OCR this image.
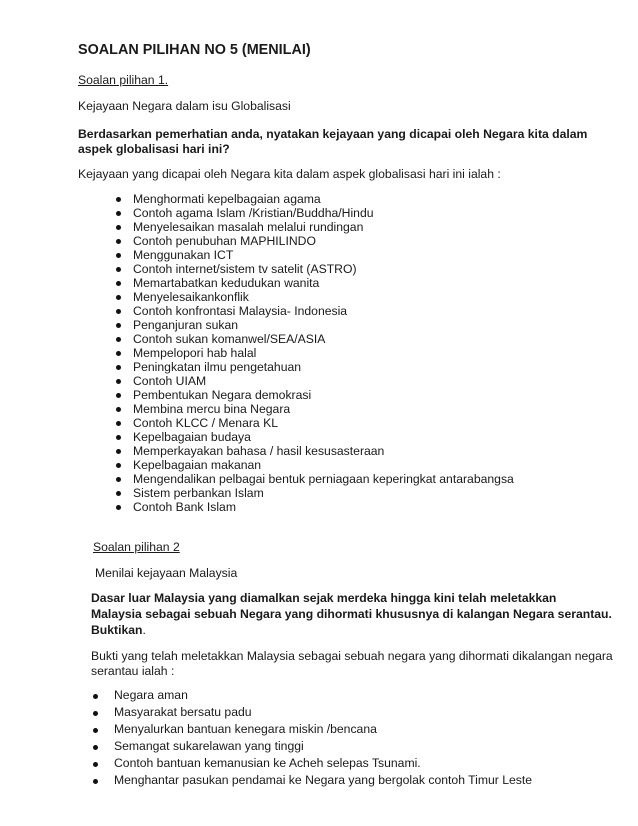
SOALAN PILIHAN NO 5 (MENILAI)
Soalan pilihan 1.
Kejayaan Negara dalam isu Globalisasi
Berdasarkan pemerhatian anda, nyatakan kejayaan yang dicapai oleh Negara kita dalam
aspek globalisasi hari ini?
Kejayaan yang dicapai oleh Negara kita dalam aspek globalisasi hari ini ialah :
Menghormati kepelbagaian agama
Contoh agama Islam /Kristian/Buddha/Hindu
Menyelesaikan masalah melalui rundingan
Contoh penubuhan MAPHILINDO
Menggunakan ICT
Contoh internet/sistem tv satelit (ASTRO)
Memartabatkan kedudukan wanita
Menyelesaikankonflik
Contoh konfrontasi Malaysia- Indonesia
Penganjuran sukan
Contoh sukan komanwel/SEA/ASIA
Mempelopori hab halal
Peningkatan ilmu pengetahuan
Contoh UIAM
Pembentukan Negara demokrasi
Membina mercu bina Negara
Contoh KLCC / Menara KL
Kepelbagaian budaya
Memperkayakan bahasa / hasil kesusasteraan
Kepelbagaian makanan
Mengendalikan pelbagai bentuk perniagaan keperingkat antarabangsa
Sistem perbankan Islam
Contoh Bank Islam
Soalan pilihan 2
Menilai kejayaan Malaysia
Dasar luar Malaysia yang diamalkan sejak merdeka hingga kini telah meletakkan
Malaysia sebagai sebuah Negara yang dihormati khususnya di kalangan Negara serantau.
Buktikan.
Bukti yang telah meletakkan Malaysia sebagai sebuah negara yang dihormati dikalangan negara
serantau ialah :
Negara aman
Masyarakat bersatu padu
Menyalurkan bantuan kenegara miskin /bencana
Semangat sukarelawan yang tinggi
Contoh bantuan kemanusian ke Acheh selepas Tsunami.
Menghantar pasukan pendamai ke Negara yang bergolak contoh Timur Leste
